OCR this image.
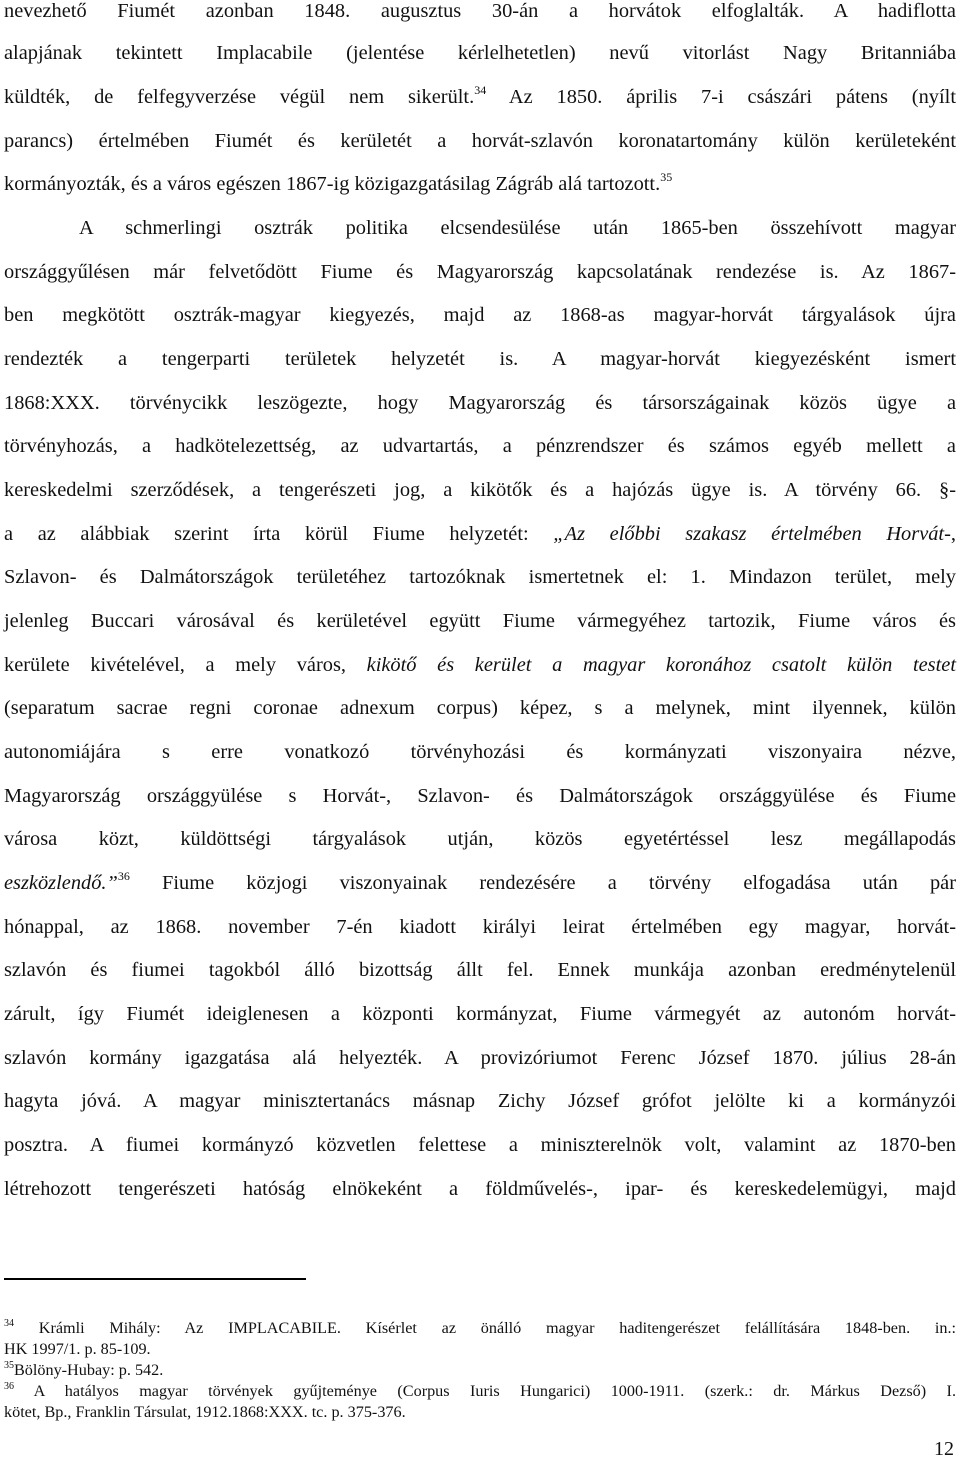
nevezhető Fiumét azonban 1848. augusztus 30-án a horvátok elfoglalták. A hadiflotta
alapjának tekintett Implacabile (jelentése kérlelhetetlen) nevű vitorlást Nagy Britanniába
küldték, de felfegyverzése végül nem sikerült.$^{34}$ Az 1850. április 7-i császári pátens (nyílt
parancs) értelmében Fiumét és kerületét a horvát-szlavón koronatartomány külön kerületeként
kormányozták, és a város egészen 1867-ig közigazgatásilag Zágráb alá tartozott.$^{35}$
A schmerlingi osztrák politika elcsendesülése után 1865-ben összehívott magyar
országgyűlésen már felvetődött Fiume és Magyarország kapcsolatának rendezése is. Az 1867-
ben megkötött osztrák-magyar kiegyezés, majd az 1868-as magyar-horvát tárgyalások újra
rendezték a tengerparti területek helyzetét is. A magyar-horvát kiegyezésként ismert
1868:XXX. törvénycikk leszögezte, hogy Magyarország és társországainak közös ügye a
törvényhozás, a hadkötelezettség, az udvartartás, a pénzrendszer és számos egyéb mellett a
kereskedelmi szerződések, a tengerészeti jog, a kikötők és a hajózás ügye is. A törvény 66. §-
a az alábbiak szerint írta körül Fiume helyzetét: „Az előbbi szakasz értelmében Horvát-,
Szlavon- és Dalmátországok területéhez tartozóknak ismertetnek el: 1. Mindazon terület, mely
jelenleg Buccari városával és kerületével együtt Fiume vármegyéhez tartozik, Fiume város és
kerülete kivételével, a mely város, kikötő és kerület a magyar koronához csatolt külön testet
(separatum sacrae regni coronae adnexum corpus) képez, s a melynek, mint ilyennek, külön
autonomiájára s erre vonatkozó törvényhozási és kormányzati viszonyaira nézve,
Magyarország országgyülése s Horvát-, Szlavon- és Dalmátországok országgyülése és Fiume
városa közt, küldöttségi tárgyalások utján, közös egyetértéssel lesz megállapodás
eszközlendő.”$^{36}$ Fiume közjogi viszonyainak rendezésére a törvény elfogadása után pár
hónappal, az 1868. november 7-én kiadott királyi leirat értelmében egy magyar, horvát-
szlavón és fiumei tagokból álló bizottság állt fel. Ennek munkája azonban eredménytelenül
zárult, így Fiumét ideiglenesen a központi kormányzat, Fiume vármegyét az autonóm horvát-
szlavón kormány igazgatása alá helyezték. A provizóriumot Ferenc József 1870. július 28-án
hagyta jóvá. A magyar minisztertanács másnap Zichy József grófot jelölte ki a kormányzói
posztra. A fiumei kormányzó közvetlen felettese a miniszterelnök volt, valamint az 1870-ben
létrehozott tengerészeti hatóság elnökeként a földművelés-, ipar- és kereskedelemügyi, majd
$^{34}$ Krámli Mihály: Az IMPLACABILE. Kísérlet az önálló magyar haditengerészet felállítására 1848-ben. in.:
HK 1997/1. p. 85-109.
$^{35}$Bölöny-Hubay: p. 542.
$^{36}$ A hatályos magyar törvények gyűjteménye (Corpus Iuris Hungarici) 1000-1911. (szerk.: dr. Márkus Dezső) I.
kötet, Bp., Franklin Társulat, 1912.1868:XXX. tc. p. 375-376.
12
